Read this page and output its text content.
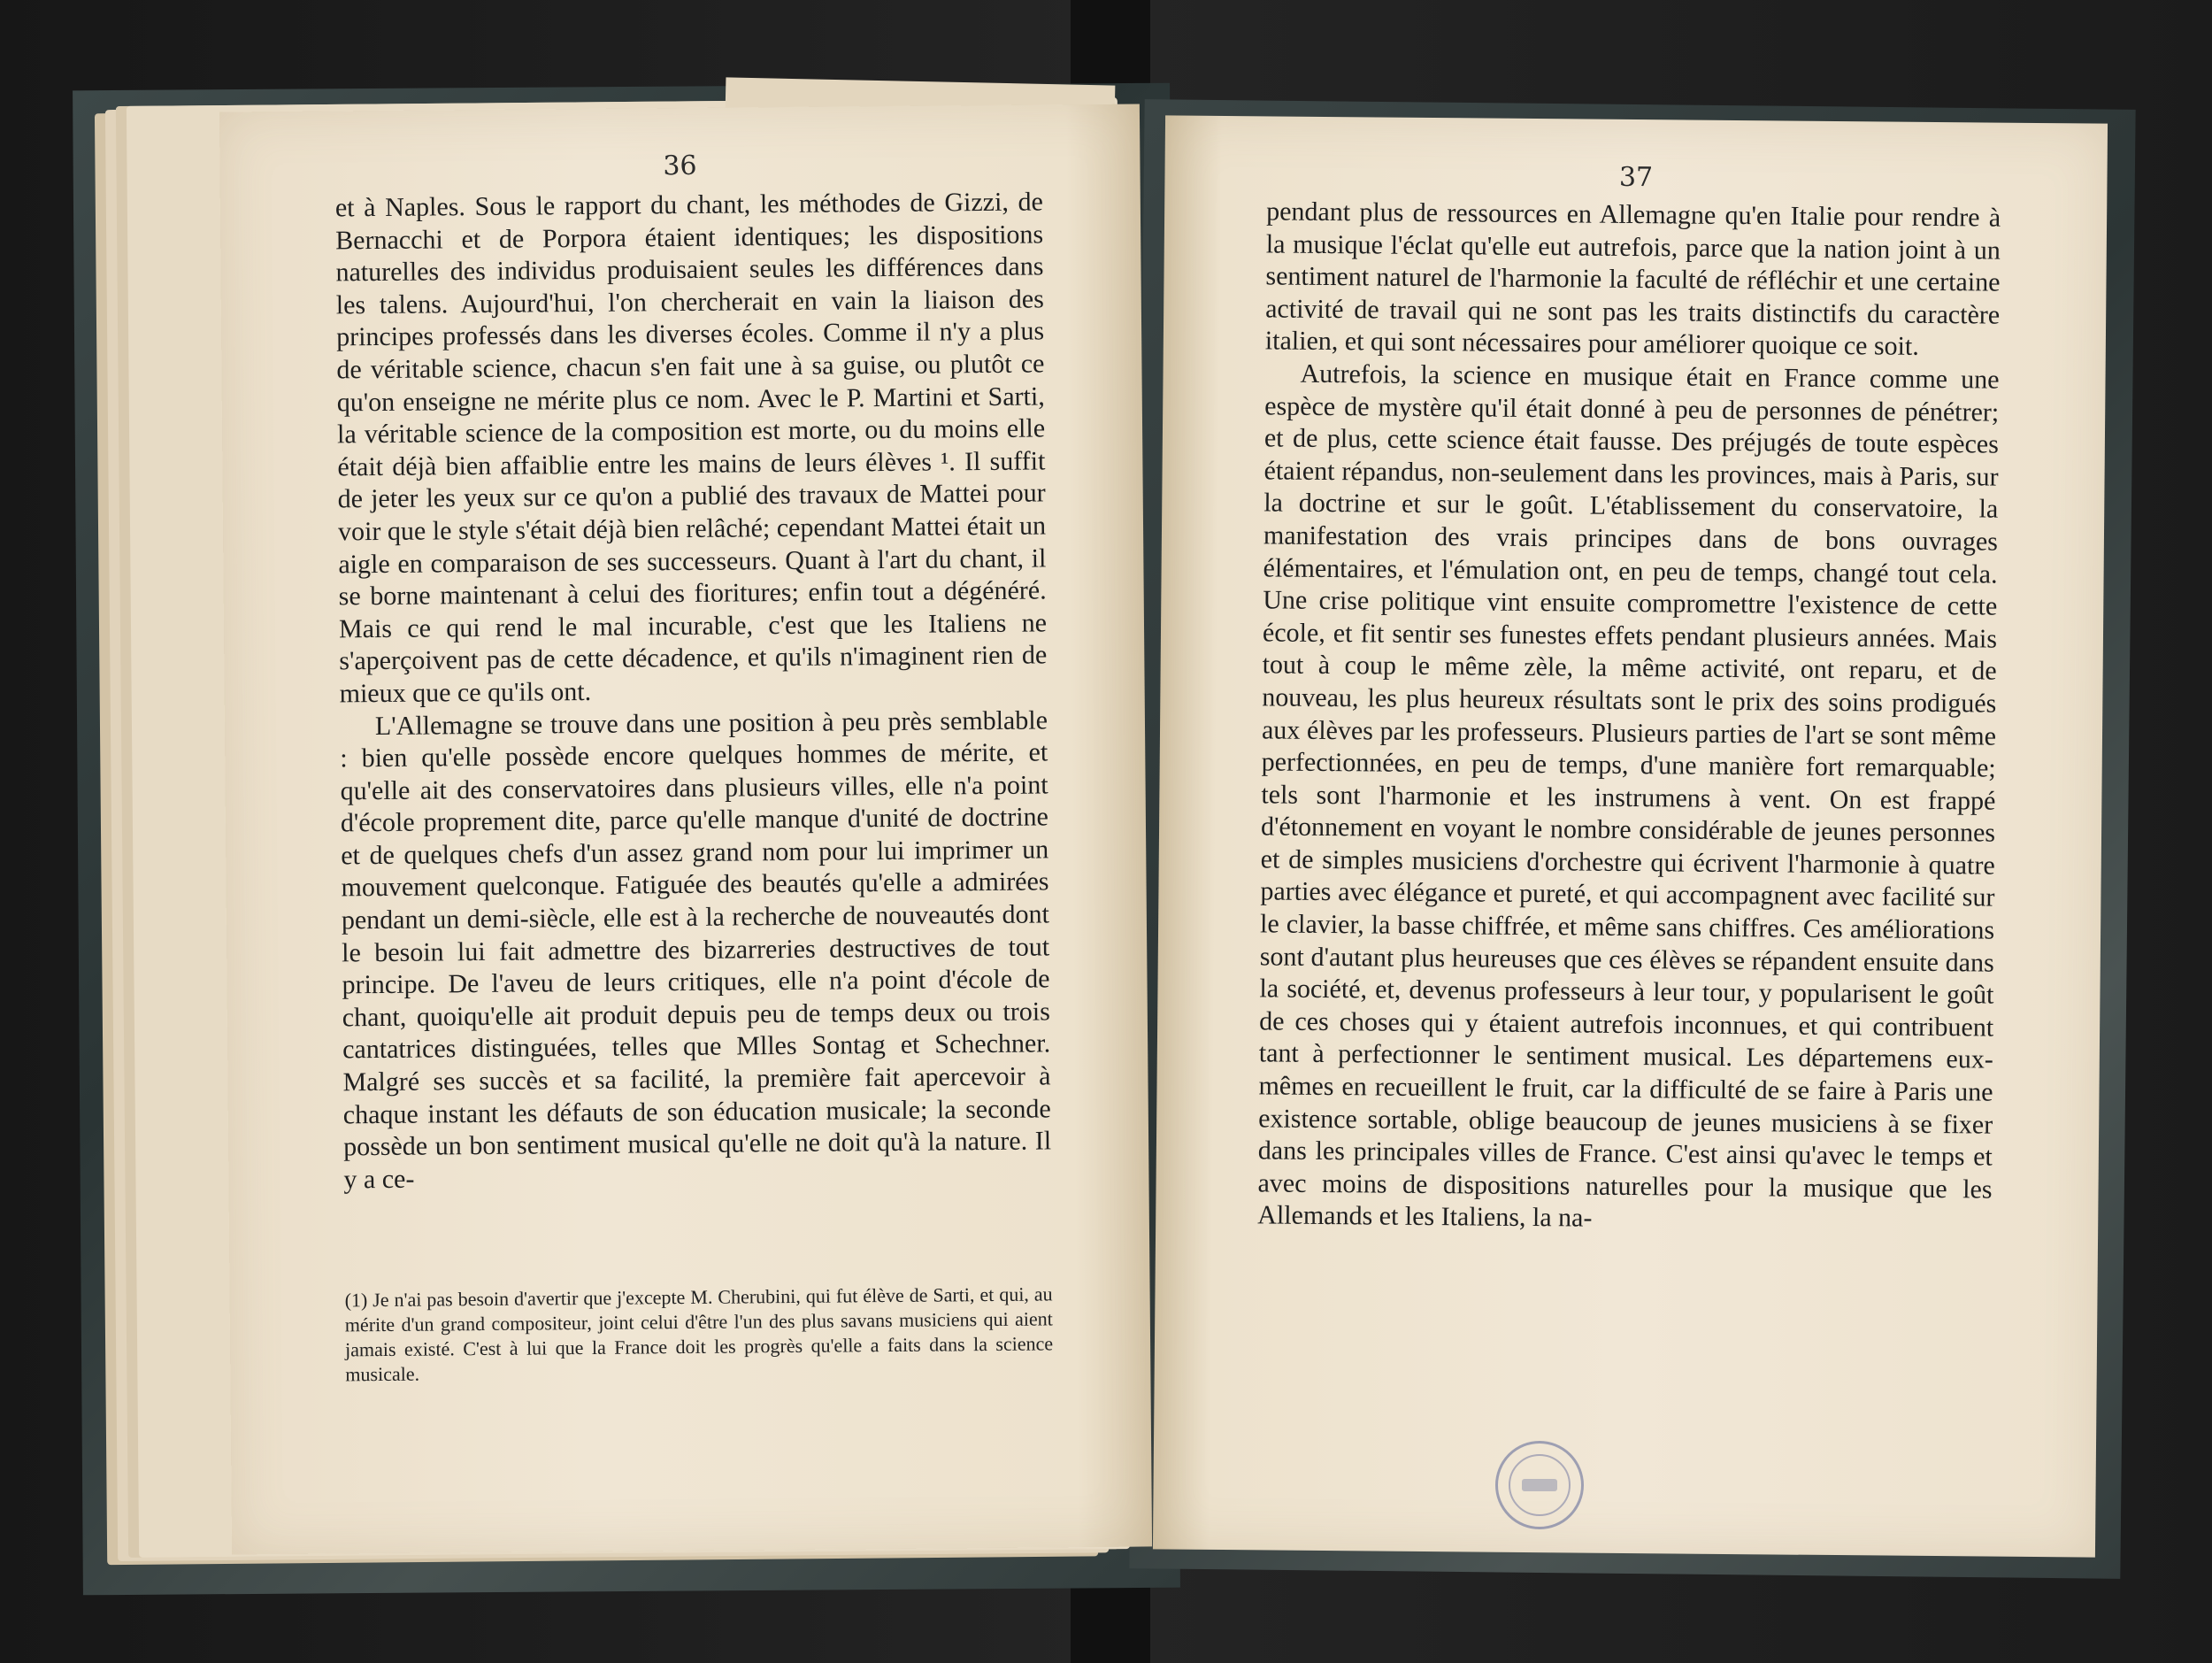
36

et à Naples. Sous le rapport du chant, les méthodes de Gizzi, de Bernacchi et de Porpora étaient identiques; les dispositions naturelles des individus produisaient seules les différences dans les talens. Aujourd'hui, l'on chercherait en vain la liaison des principes professés dans les diverses écoles. Comme il n'y a plus de véritable science, chacun s'en fait une à sa guise, ou plutôt ce qu'on enseigne ne mérite plus ce nom. Avec le P. Martini et Sarti, la véritable science de la composition est morte, ou du moins elle était déjà bien affaiblie entre les mains de leurs élèves ¹. Il suffit de jeter les yeux sur ce qu'on a publié des travaux de Mattei pour voir que le style s'était déjà bien relâché; cependant Mattei était un aigle en comparaison de ses successeurs. Quant à l'art du chant, il se borne maintenant à celui des fioritures; enfin tout a dégénéré. Mais ce qui rend le mal incurable, c'est que les Italiens ne s'aperçoivent pas de cette décadence, et qu'ils n'imaginent rien de mieux que ce qu'ils ont.

L'Allemagne se trouve dans une position à peu près semblable : bien qu'elle possède encore quelques hommes de mérite, et qu'elle ait des conservatoires dans plusieurs villes, elle n'a point d'école proprement dite, parce qu'elle manque d'unité de doctrine et de quelques chefs d'un assez grand nom pour lui imprimer un mouvement quelconque. Fatiguée des beautés qu'elle a admirées pendant un demi-siècle, elle est à la recherche de nouveautés dont le besoin lui fait admettre des bizarreries destructives de tout principe. De l'aveu de leurs critiques, elle n'a point d'école de chant, quoiqu'elle ait produit depuis peu de temps deux ou trois cantatrices distinguées, telles que Mlles Sontag et Schechner. Malgré ses succès et sa facilité, la première fait apercevoir à chaque instant les défauts de son éducation musicale; la seconde possède un bon sentiment musical qu'elle ne doit qu'à la nature. Il y a ce-

(1) Je n'ai pas besoin d'avertir que j'excepte M. Cherubini, qui fut élève de Sarti, et qui, au mérite d'un grand compositeur, joint celui d'être l'un des plus savans musiciens qui aient jamais existé. C'est à lui que la France doit les progrès qu'elle a faits dans la science musicale.
37

pendant plus de ressources en Allemagne qu'en Italie pour rendre à la musique l'éclat qu'elle eut autrefois, parce que la nation joint à un sentiment naturel de l'harmonie la faculté de réfléchir et une certaine activité de travail qui ne sont pas les traits distinctifs du caractère italien, et qui sont nécessaires pour améliorer quoique ce soit.

Autrefois, la science en musique était en France comme une espèce de mystère qu'il était donné à peu de personnes de pénétrer; et de plus, cette science était fausse. Des préjugés de toute espèces étaient répandus, non-seulement dans les provinces, mais à Paris, sur la doctrine et sur le goût. L'établissement du conservatoire, la manifestation des vrais principes dans de bons ouvrages élémentaires, et l'émulation ont, en peu de temps, changé tout cela. Une crise politique vint ensuite compromettre l'existence de cette école, et fit sentir ses funestes effets pendant plusieurs années. Mais tout à coup le même zèle, la même activité, ont reparu, et de nouveau, les plus heureux résultats sont le prix des soins prodigués aux élèves par les professeurs. Plusieurs parties de l'art se sont même perfectionnées, en peu de temps, d'une manière fort remarquable; tels sont l'harmonie et les instrumens à vent. On est frappé d'étonnement en voyant le nombre considérable de jeunes personnes et de simples musiciens d'orchestre qui écrivent l'harmonie à quatre parties avec élégance et pureté, et qui accompagnent avec facilité sur le clavier, la basse chiffrée, et même sans chiffres. Ces améliorations sont d'autant plus heureuses que ces élèves se répandent ensuite dans la société, et, devenus professeurs à leur tour, y popularisent le goût de ces choses qui y étaient autrefois inconnues, et qui contribuent tant à perfectionner le sentiment musical. Les départemens eux-mêmes en recueillent le fruit, car la difficulté de se faire à Paris une existence sortable, oblige beaucoup de jeunes musiciens à se fixer dans les principales villes de France. C'est ainsi qu'avec le temps et avec moins de dispositions naturelles pour la musique que les Allemands et les Italiens, la na-
